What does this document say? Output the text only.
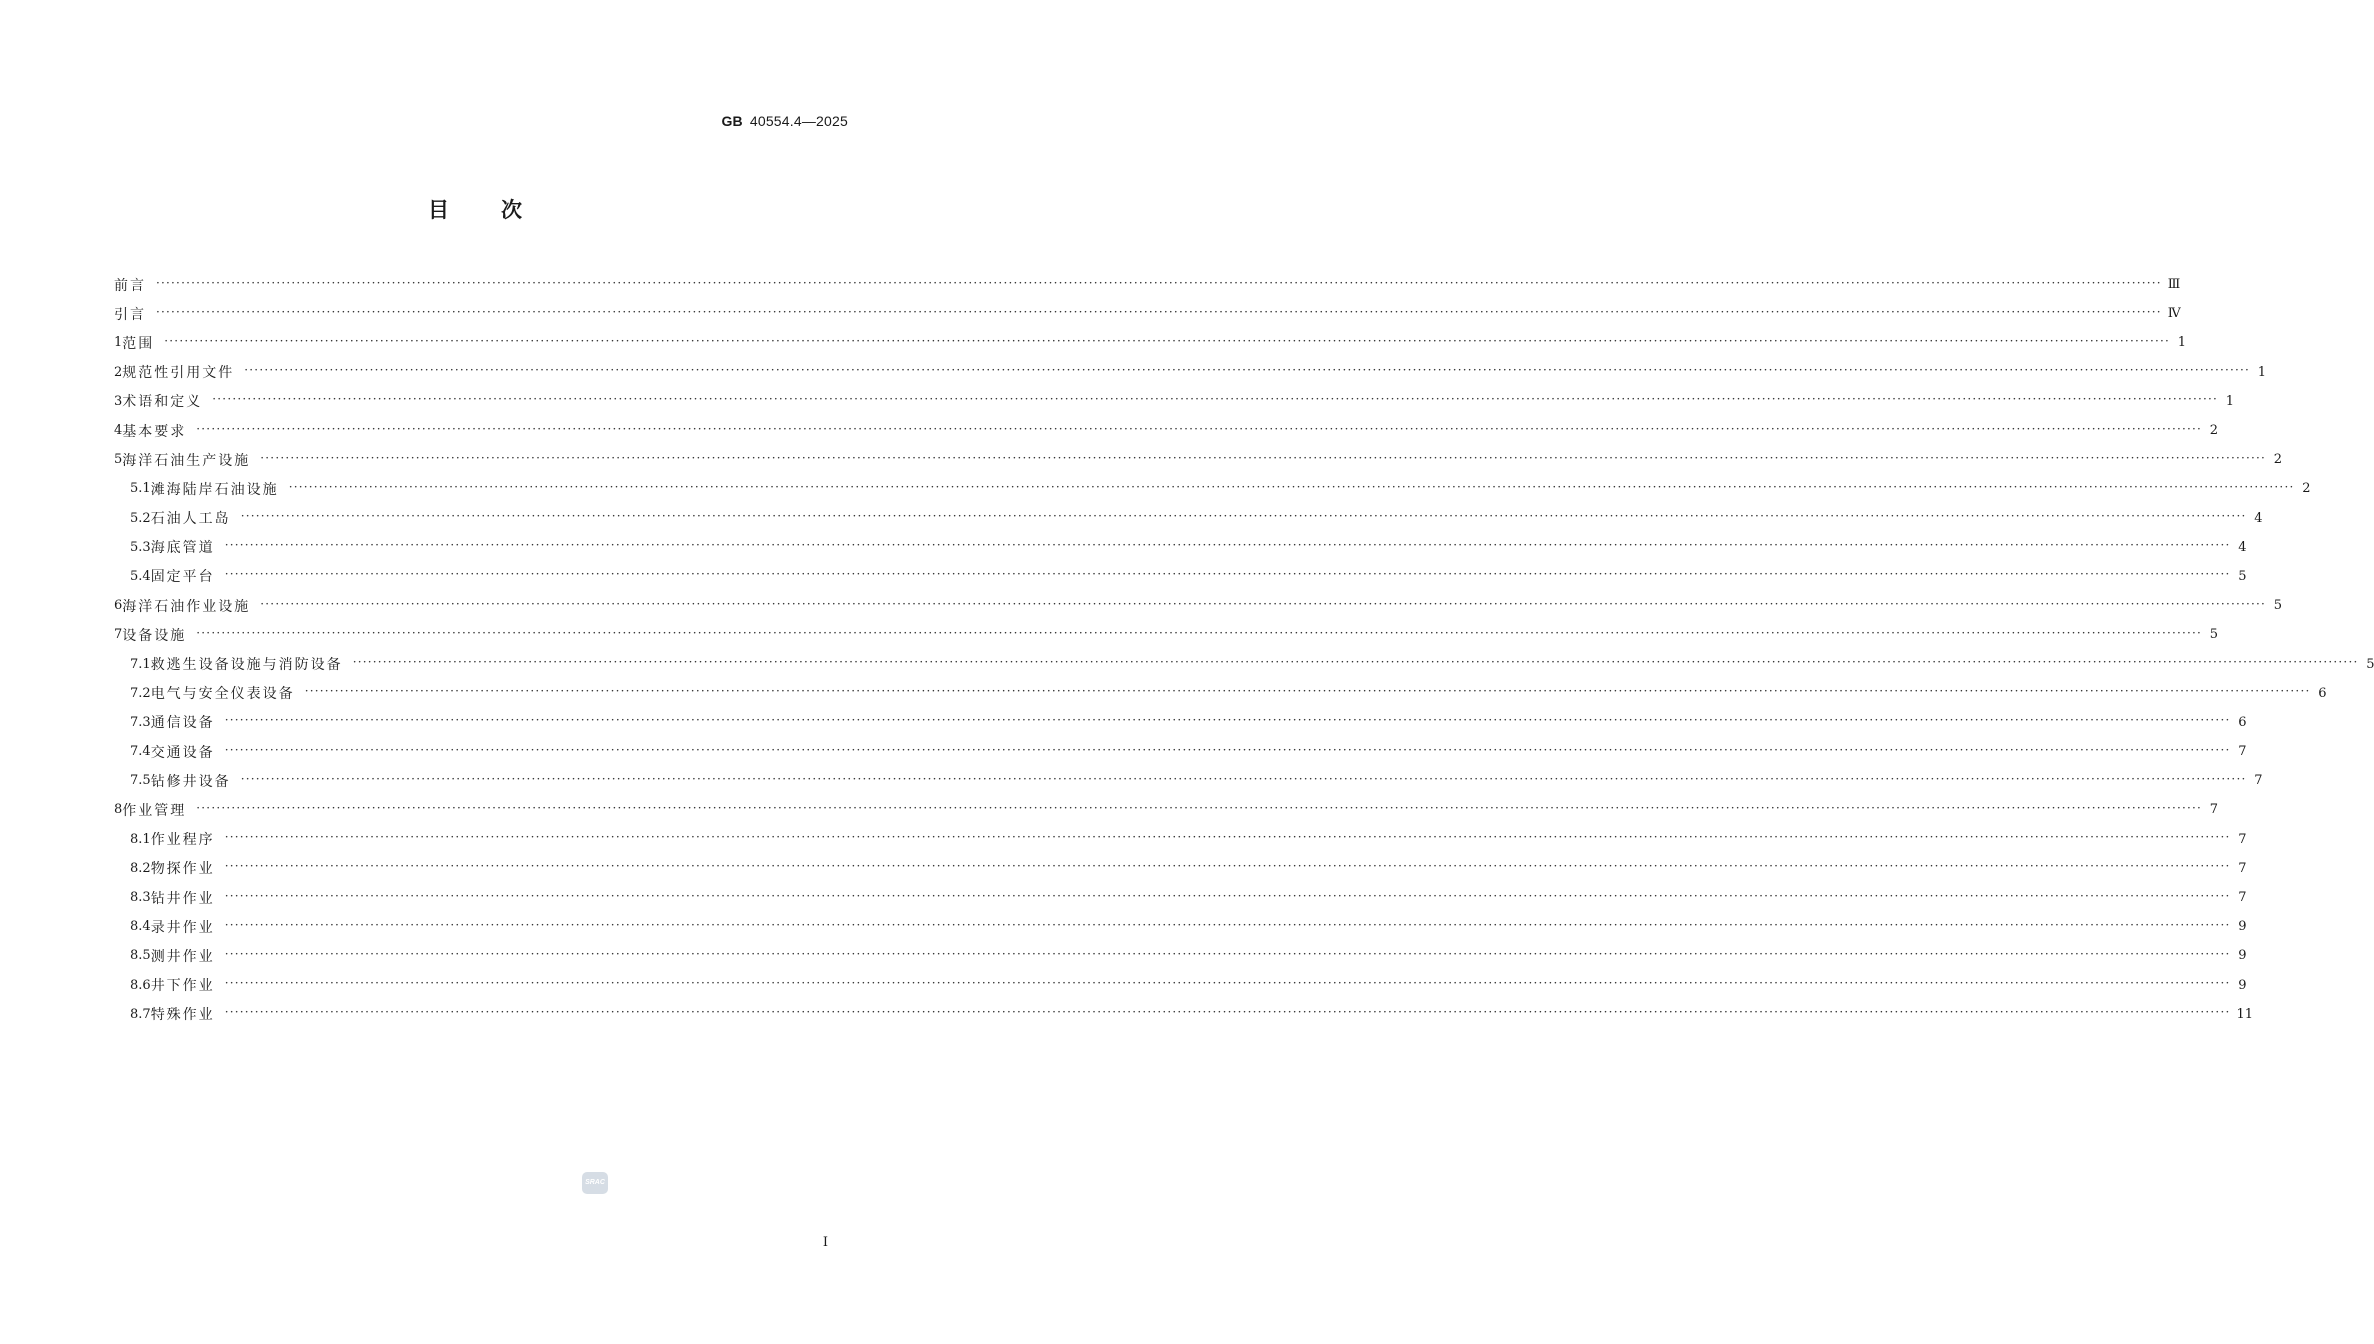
GB 40554.4—2025
目次
前言 ················································································································································································································································································································································································································ Ⅲ
引言 ················································································································································································································································································································································································································ Ⅳ
1 范围 ················································································································································································································································································································································································································ 1
2 规范性引用文件 ················································································································································································································································································································································································································ 1
3 术语和定义 ················································································································································································································································································································································································································ 1
4 基本要求 ················································································································································································································································································································································································································ 2
5 海洋石油生产设施 ················································································································································································································································································································································································································ 2
5.1 滩海陆岸石油设施 ················································································································································································································································································································································································································ 2
5.2 石油人工岛 ················································································································································································································································································································································································································ 4
5.3 海底管道 ················································································································································································································································································································································································································ 4
5.4 固定平台 ················································································································································································································································································································································································································ 5
6 海洋石油作业设施 ················································································································································································································································································································································································································ 5
7 设备设施 ················································································································································································································································································································································································································ 5
7.1 救逃生设备设施与消防设备 ················································································································································································································································································································································································································ 5
7.2 电气与安全仪表设备 ················································································································································································································································································································································································································ 6
7.3 通信设备 ················································································································································································································································································································································································································ 6
7.4 交通设备 ················································································································································································································································································································································································································ 7
7.5 钻修井设备 ················································································································································································································································································································································································································ 7
8 作业管理 ················································································································································································································································································································································································································ 7
8.1 作业程序 ················································································································································································································································································································································································································ 7
8.2 物探作业 ················································································································································································································································································································································································································ 7
8.3 钻井作业 ················································································································································································································································································································································································································ 7
8.4 录井作业 ················································································································································································································································································································································································································ 9
8.5 测井作业 ················································································································································································································································································································································································································ 9
8.6 井下作业 ················································································································································································································································································································································································································ 9
8.7 特殊作业 ················································································································································································································································································································································································································ 11
SRAC
Ⅰ
